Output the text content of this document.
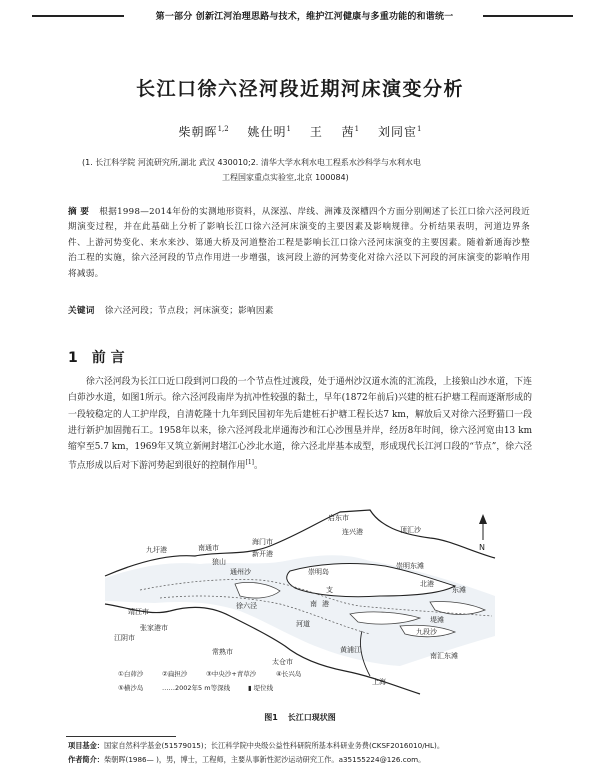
第一部分 创新江河治理思路与技术，维护江河健康与多重功能的和谐统一
长江口徐六泾河段近期河床演变分析
柴朝晖$^{1,2}$ 姚仕明$^1$ 王 茜$^1$ 刘同宦$^1$
(1. 长江科学院 河流研究所,湖北 武汉 430010;2. 清华大学水利水电工程系水沙科学与水利水电
工程国家重点实验室,北京 100084)
摘 要 根据1998—2014年份的实测地形资料，从深泓、岸线、洲滩及深槽四个方面分别阐述了长江口徐六泾河段近期演变过程，并在此基础上分析了影响长江口徐六泾河床演变的主要因素及影响规律。分析结果表明，河道边界条件、上游河势变化、来水来沙、第通大桥及河道整治工程是影响长江口徐六泾河床演变的主要因素。随着新通海沙整治工程的实施，徐六泾河段的节点作用进一步增强，该河段上游的河势变化对徐六泾以下河段的河床演变的影响作用将减弱。
关键词 徐六泾河段；节点段；河床演变；影响因素
1 前 言
徐六泾河段为长江口近口段到河口段的一个节点性过渡段，处于通州沙汉道水流的汇流段，上接狼山沙水道，下连白茆沙水道，如图1所示。徐六泾河段南岸为抗冲性较强的黏土，早年(1872年前后)兴建的桩石护塘工程而逐渐形成的一段较稳定的人工护岸段，自清乾隆十九年到民国初年先后建桩石护塘工程长达7 km，解放后又对徐六泾野猫口一段进行新护加固抛石工。1958年以来，徐六泾河段北岸通海沙和江心沙围垦并岸，经历8年时间，徐六泾河宽由13 km缩窄至5.7 km，1969年又筑立新闸封堵江心沙北水道，徐六泾北岸基本成型，形成现代长江河口段的“节点”，徐六泾节点形成以后对下游河势起到很好的控制作用[1]。
N
启东市
连兴港	顶汇沙
九圩港	南通市
海门市
新开港
狼山
崇明岛
崇明东滩
通州沙
徐六泾
北港
东滩
靖江市
张家港市
江阴市
常熟市
太仓市
九段沙
南汇东滩
上海
黄浦江
南 港
支
河道	堤滩
①白茆沙	②扁担沙	③中央沙+青草沙	④长兴岛
⑤横沙岛	……2002年5 m等深线	▮ 堤位线
图1 长江口现状图
项目基金：国家自然科学基金(51579015)；长江科学院中央级公益性科研院所基本科研业务费(CKSF2016010/HL)。
作者简介：柴朝晖(1986— )，男，博士，工程师，主要从事新性泥沙运动研究工作。a35155224@126.com。
